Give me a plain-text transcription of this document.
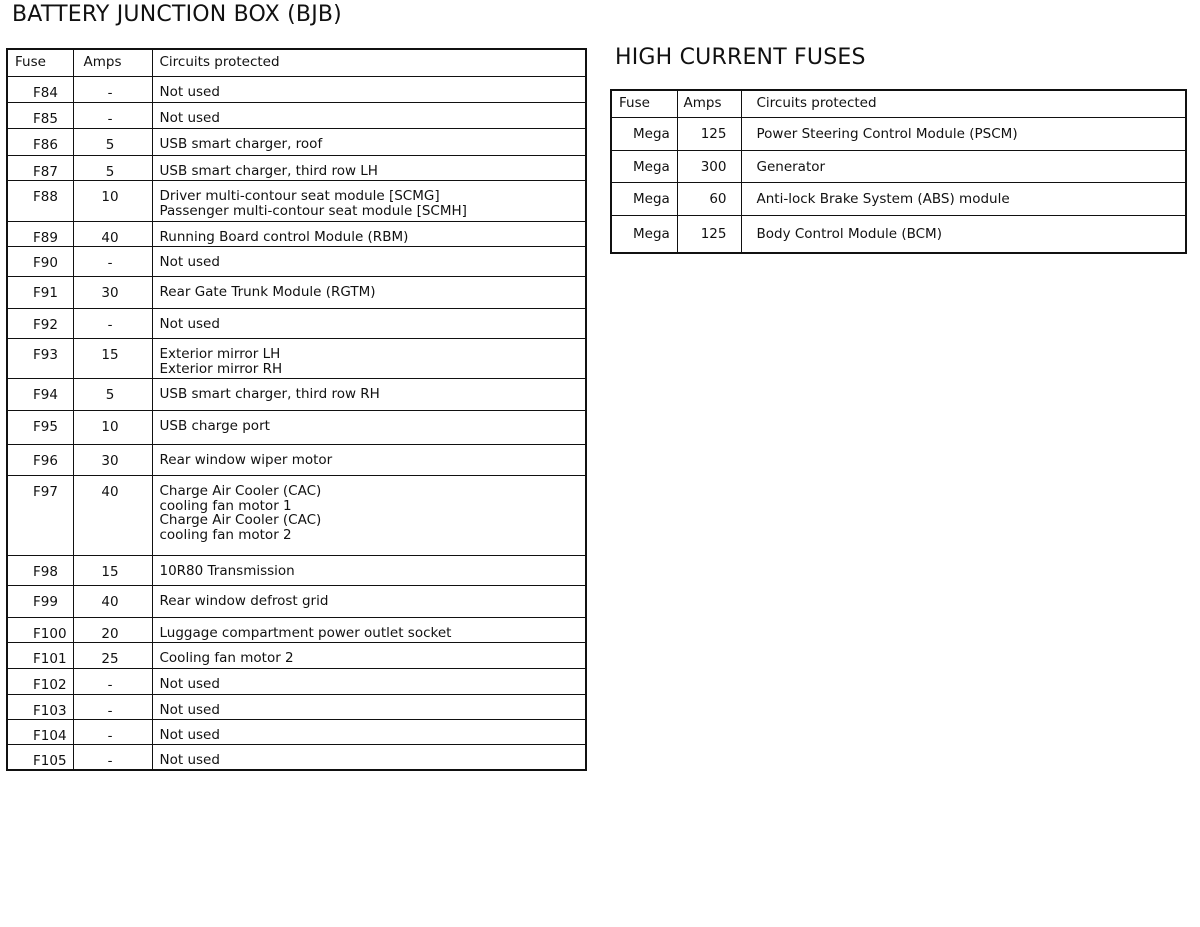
BATTERY JUNCTION BOX (BJB)
Fuse	Amps	Circuits protected
F84	-	Not used
F85	-	Not used
F86	5	USB smart charger, roof
F87	5	USB smart charger, third row LH
F88	10	Driver multi-contour seat module [SCMG]
Passenger multi-contour seat module [SCMH]
F89	40	Running Board control Module (RBM)
F90	-	Not used
F91	30	Rear Gate Trunk Module (RGTM)
F92	-	Not used
F93	15	Exterior mirror LH
Exterior mirror RH
F94	5	USB smart charger, third row RH
F95	10	USB charge port
F96	30	Rear window wiper motor
F97	40	Charge Air Cooler (CAC)
cooling fan motor 1
Charge Air Cooler (CAC)
cooling fan motor 2
F98	15	10R80 Transmission
F99	40	Rear window defrost grid
F100	20	Luggage compartment power outlet socket
F101	25	Cooling fan motor 2
F102	-	Not used
F103	-	Not used
F104	-	Not used
F105	-	Not used
HIGH CURRENT FUSES
Fuse	Amps	Circuits protected
Mega	125	Power Steering Control Module (PSCM)
Mega	300	Generator
Mega	60	Anti-lock Brake System (ABS) module
Mega	125	Body Control Module (BCM)
